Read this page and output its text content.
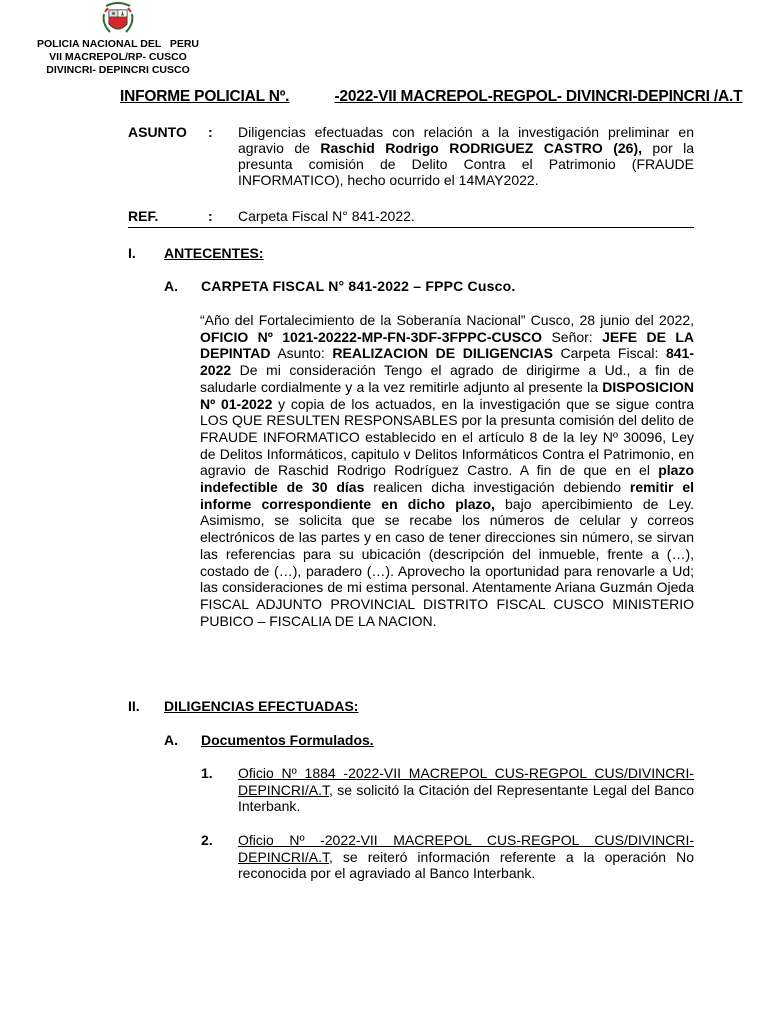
POLICIA NACIONAL DEL   PERU
VII MACREPOL/RP- CUSCO
DIVINCRI- DEPINCRI CUSCO
INFORME POLICIAL Nº.	-2022-VII MACREPOL-REGPOL- DIVINCRI-DEPINCRI /A.T
ASUNTO : Diligencias efectuadas con relación a la investigación preliminar en agravio de Raschid Rodrigo RODRIGUEZ CASTRO (26), por la presunta comisión de Delito Contra el Patrimonio (FRAUDE INFORMATICO), hecho ocurrido el 14MAY2022.
REF.	: Carpeta Fiscal N° 841-2022.
I. ANTECENTES:
A. CARPETA FISCAL N° 841-2022 – FPPC Cusco.
“Año del Fortalecimiento de la Soberanía Nacional” Cusco, 28 junio del 2022, OFICIO Nº 1021-20222-MP-FN-3DF-3FPPC-CUSCO Señor: JEFE DE LA DEPINTAD Asunto: REALIZACION DE DILIGENCIAS Carpeta Fiscal: 841-2022 De mi consideración Tengo el agrado de dirigirme a Ud., a fin de saludarle cordialmente y a la vez remitirle adjunto al presente la DISPOSICION Nº 01-2022 y copia de los actuados, en la investigación que se sigue contra LOS QUE RESULTEN RESPONSABLES por la presunta comisión del delito de FRAUDE INFORMATICO establecido en el artículo 8 de la ley Nº 30096, Ley de Delitos Informáticos, capitulo v Delitos Informáticos Contra el Patrimonio, en agravio de Raschid Rodrigo Rodríguez Castro. A fin de que en el plazo indefectible de 30 días realicen dicha investigación debiendo remitir el informe correspondiente en dicho plazo, bajo apercibimiento de Ley. Asimismo, se solicita que se recabe los números de celular y correos electrónicos de las partes y en caso de tener direcciones sin número, se sirvan las referencias para su ubicación (descripción del inmueble, frente a (…), costado de (…), paradero (…). Aprovecho la oportunidad para renovarle a Ud; las consideraciones de mi estima personal. Atentamente Ariana Guzmán Ojeda FISCAL ADJUNTO PROVINCIAL DISTRITO FISCAL CUSCO MINISTERIO PUBICO – FISCALIA DE LA NACION.
II. DILIGENCIAS EFECTUADAS:
A. Documentos Formulados.
1. Oficio Nº 1884 -2022-VII MACREPOL CUS-REGPOL CUS/DIVINCRI-DEPINCRI/A.T, se solicitó la Citación del Representante Legal del Banco Interbank.
2. Oficio Nº -2022-VII MACREPOL CUS-REGPOL CUS/DIVINCRI-DEPINCRI/A.T, se reiteró información referente a la operación No reconocida por el agraviado al Banco Interbank.
